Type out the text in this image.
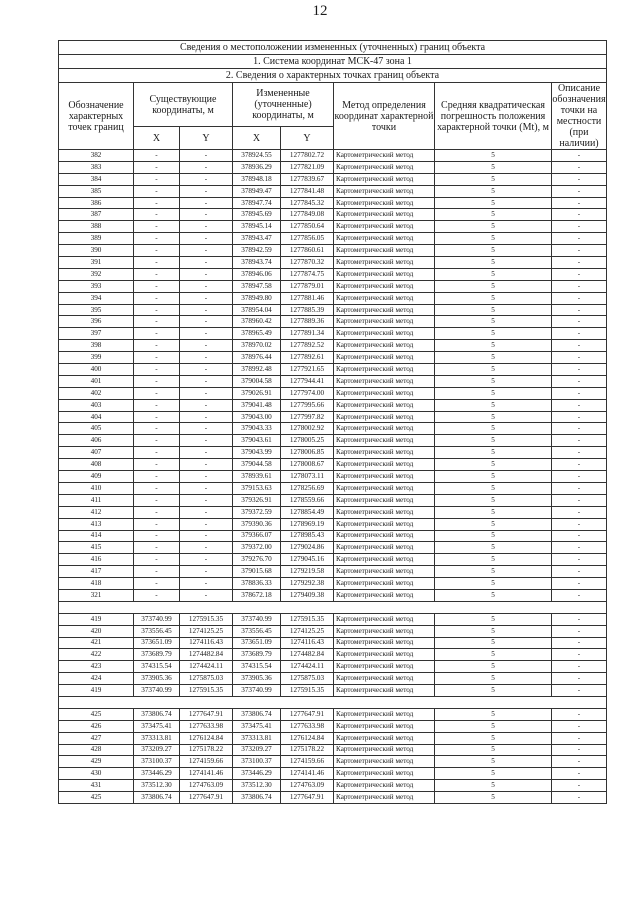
12
Сведения о местоположении измененных (уточненных) границ объекта							
1. Система координат МСК-47 зона 1							
2. Сведения о характерных точках границ объекта							
Обозначение характерных точек границ	Существующие координаты, м		Измененные (уточненные) координаты, м		Метод определения координат характерной точки	Средняя квадратическая погрешность положения характерной точки (Mt), м	Описание обозначения точки на местности (при наличии)
	X	Y	X	Y			
382	-	-	378924.55	1277802.72	Картометрический метод	5	-
383	-	-	378936.29	1277821.09	Картометрический метод	5	-
384	-	-	378948.18	1277839.67	Картометрический метод	5	-
385	-	-	378949.47	1277841.48	Картометрический метод	5	-
386	-	-	378947.74	1277845.32	Картометрический метод	5	-
387	-	-	378945.69	1277849.08	Картометрический метод	5	-
388	-	-	378945.14	1277850.64	Картометрический метод	5	-
389	-	-	378943.47	1277856.05	Картометрический метод	5	-
390	-	-	378942.59	1277860.61	Картометрический метод	5	-
391	-	-	378943.74	1277870.32	Картометрический метод	5	-
392	-	-	378946.06	1277874.75	Картометрический метод	5	-
393	-	-	378947.58	1277879.01	Картометрический метод	5	-
394	-	-	378949.80	1277881.46	Картометрический метод	5	-
395	-	-	378954.04	1277885.39	Картометрический метод	5	-
396	-	-	378960.42	1277889.36	Картометрический метод	5	-
397	-	-	378965.49	1277891.34	Картометрический метод	5	-
398	-	-	378970.02	1277892.52	Картометрический метод	5	-
399	-	-	378976.44	1277892.61	Картометрический метод	5	-
400	-	-	378992.48	1277921.65	Картометрический метод	5	-
401	-	-	379004.58	1277944.41	Картометрический метод	5	-
402	-	-	379026.91	1277974.00	Картометрический метод	5	-
403	-	-	379041.48	1277995.66	Картометрический метод	5	-
404	-	-	379043.00	1277997.82	Картометрический метод	5	-
405	-	-	379043.33	1278002.92	Картометрический метод	5	-
406	-	-	379043.61	1278005.25	Картометрический метод	5	-
407	-	-	379043.99	1278006.85	Картометрический метод	5	-
408	-	-	379044.58	1278008.67	Картометрический метод	5	-
409	-	-	378939.61	1278073.11	Картометрический метод	5	-
410	-	-	379153.63	1278256.69	Картометрический метод	5	-
411	-	-	379326.91	1278559.66	Картометрический метод	5	-
412	-	-	379372.59	1278854.49	Картометрический метод	5	-
413	-	-	379390.36	1278969.19	Картометрический метод	5	-
414	-	-	379366.07	1278985.43	Картометрический метод	5	-
415	-	-	379372.00	1279024.86	Картометрический метод	5	-
416	-	-	379276.70	1279045.16	Картометрический метод	5	-
417	-	-	379015.68	1279219.58	Картометрический метод	5	-
418	-	-	378836.33	1279292.38	Картометрический метод	5	-
321	-	-	378672.18	1279409.38	Картометрический метод	5	-

419	373740.99	1275915.35	373740.99	1275915.35	Картометрический метод	5	-
420	373556.45	1274125.25	373556.45	1274125.25	Картометрический метод	5	-
421	373651.09	1274116.43	373651.09	1274116.43	Картометрический метод	5	-
422	373689.79	1274482.84	373689.79	1274482.84	Картометрический метод	5	-
423	374315.54	1274424.11	374315.54	1274424.11	Картометрический метод	5	-
424	373905.36	1275875.03	373905.36	1275875.03	Картометрический метод	5	-
419	373740.99	1275915.35	373740.99	1275915.35	Картометрический метод	5	-

425	373806.74	1277647.91	373806.74	1277647.91	Картометрический метод	5	-
426	373475.41	1277633.98	373475.41	1277633.98	Картометрический метод	5	-
427	373313.81	1276124.84	373313.81	1276124.84	Картометрический метод	5	-
428	373209.27	1275178.22	373209.27	1275178.22	Картометрический метод	5	-
429	373100.37	1274159.66	373100.37	1274159.66	Картометрический метод	5	-
430	373446.29	1274141.46	373446.29	1274141.46	Картометрический метод	5	-
431	373512.30	1274763.09	373512.30	1274763.09	Картометрический метод	5	-
425	373806.74	1277647.91	373806.74	1277647.91	Картометрический метод	5	-
